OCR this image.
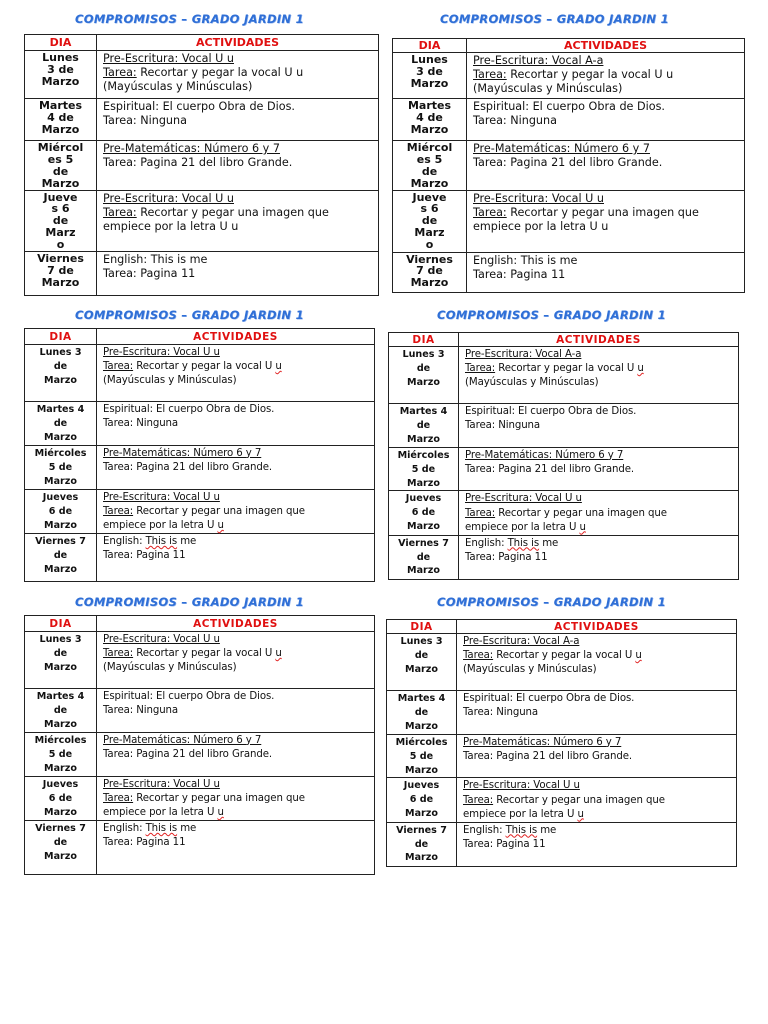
COMPROMISOS – GRADO JARDIN 1
DIA	ACTIVIDADES

Lunes
3 de
Marzo	Pre-Escritura: Vocal U u
Tarea: Recortar y pegar la vocal U u
(Mayúsculas y Minúsculas)

Martes
4 de
Marzo	Espiritual: El cuerpo Obra de Dios.
Tarea: Ninguna

Miércol
es 5
de
Marzo	Pre-Matemáticas: Número 6 y 7
Tarea: Pagina 21 del libro Grande.

Jueve
s 6
de
Marz
o	Pre-Escritura: Vocal U u
Tarea: Recortar y pegar una imagen que
empiece por la letra U u

Viernes
7 de
Marzo	English: This is me
Tarea: Pagina 11
COMPROMISOS – GRADO JARDIN 1
DIA	ACTIVIDADES

Lunes
3 de
Marzo	Pre-Escritura: Vocal A-a
Tarea: Recortar y pegar la vocal U u
(Mayúsculas y Minúsculas)

Martes
4 de
Marzo	Espiritual: El cuerpo Obra de Dios.
Tarea: Ninguna

Miércol
es 5
de
Marzo	Pre-Matemáticas: Número 6 y 7
Tarea: Pagina 21 del libro Grande.

Jueve
s 6
de
Marz
o	Pre-Escritura: Vocal U u
Tarea: Recortar y pegar una imagen que
empiece por la letra U u

Viernes
7 de
Marzo	English: This is me
Tarea: Pagina 11
COMPROMISOS – GRADO JARDIN 1
DIA	ACTIVIDADES

Lunes 3
de
Marzo	Pre-Escritura: Vocal U u
Tarea: Recortar y pegar la vocal U u
(Mayúsculas y Minúsculas)

Martes 4
de
Marzo	Espiritual: El cuerpo Obra de Dios.
Tarea: Ninguna

Miércoles
5 de
Marzo	Pre-Matemáticas: Número 6 y 7
Tarea: Pagina 21 del libro Grande.

Jueves
6 de
Marzo	Pre-Escritura: Vocal U u
Tarea: Recortar y pegar una imagen que
empiece por la letra U u

Viernes 7
de
Marzo	English: This is me
Tarea: Pagina 11
COMPROMISOS – GRADO JARDIN 1
DIA	ACTIVIDADES

Lunes 3
de
Marzo	Pre-Escritura: Vocal A-a
Tarea: Recortar y pegar la vocal U u
(Mayúsculas y Minúsculas)

Martes 4
de
Marzo	Espiritual: El cuerpo Obra de Dios.
Tarea: Ninguna

Miércoles
5 de
Marzo	Pre-Matemáticas: Número 6 y 7
Tarea: Pagina 21 del libro Grande.

Jueves
6 de
Marzo	Pre-Escritura: Vocal U u
Tarea: Recortar y pegar una imagen que
empiece por la letra U u

Viernes 7
de
Marzo	English: This is me
Tarea: Pagina 11
COMPROMISOS – GRADO JARDIN 1
DIA	ACTIVIDADES

Lunes 3
de
Marzo	Pre-Escritura: Vocal U u
Tarea: Recortar y pegar la vocal U u
(Mayúsculas y Minúsculas)

Martes 4
de
Marzo	Espiritual: El cuerpo Obra de Dios.
Tarea: Ninguna

Miércoles
5 de
Marzo	Pre-Matemáticas: Número 6 y 7
Tarea: Pagina 21 del libro Grande.

Jueves
6 de
Marzo	Pre-Escritura: Vocal U u
Tarea: Recortar y pegar una imagen que
empiece por la letra U u

Viernes 7
de
Marzo	English: This is me
Tarea: Pagina 11
COMPROMISOS – GRADO JARDIN 1
DIA	ACTIVIDADES

Lunes 3
de
Marzo	Pre-Escritura: Vocal A-a
Tarea: Recortar y pegar la vocal U u
(Mayúsculas y Minúsculas)

Martes 4
de
Marzo	Espiritual: El cuerpo Obra de Dios.
Tarea: Ninguna

Miércoles
5 de
Marzo	Pre-Matemáticas: Número 6 y 7
Tarea: Pagina 21 del libro Grande.

Jueves
6 de
Marzo	Pre-Escritura: Vocal U u
Tarea: Recortar y pegar una imagen que
empiece por la letra U u

Viernes 7
de
Marzo	English: This is me
Tarea: Pagina 11
